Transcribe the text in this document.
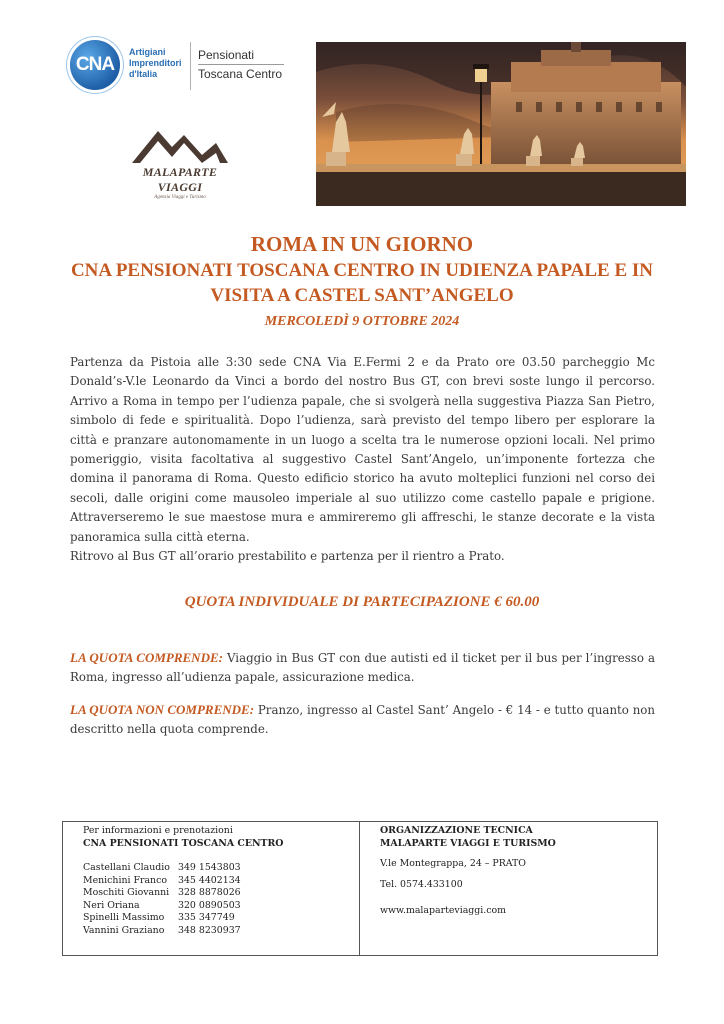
CNA
Artigiani
Imprenditori
d'Italia
Pensionati
Toscana Centro
MALAPARTE VIAGGI
Agenzia Viaggi e Turismo
ROMA IN UN GIORNO
CNA PENSIONATI TOSCANA CENTRO IN UDIENZA PAPALE E IN
VISITA A CASTEL SANT’ANGELO
MERCOLEDÌ 9 OTTOBRE 2024

Partenza da Pistoia alle 3:30 sede CNA Via E.Fermi 2 e da Prato ore 03.50 parcheggio Mc Donald’s-V.le Leonardo da Vinci a bordo del nostro Bus GT, con brevi soste lungo il percorso. Arrivo a Roma in tempo per l’udienza papale, che si svolgerà nella suggestiva Piazza San Pietro, simbolo di fede e spiritualità. Dopo l’udienza, sarà previsto del tempo libero per esplorare la città e pranzare autonomamente in un luogo a scelta tra le numerose opzioni locali. Nel primo pomeriggio, visita facoltativa al suggestivo Castel Sant’Angelo, un’imponente fortezza che domina il panorama di Roma. Questo edificio storico ha avuto molteplici funzioni nel corso dei secoli, dalle origini come mausoleo imperiale al suo utilizzo come castello papale e prigione. Attraverseremo le sue maestose mura e ammireremo gli affreschi, le stanze decorate e la vista panoramica sulla città eterna.

Ritrovo al Bus GT all’orario prestabilito e partenza per il rientro a Prato.

QUOTA INDIVIDUALE DI PARTECIPAZIONE € 60.00
LA QUOTA COMPRENDE: Viaggio in Bus GT con due autisti ed il ticket per il bus per l’ingresso a Roma, ingresso all’udienza papale, assicurazione medica.
LA QUOTA NON COMPRENDE: Pranzo, ingresso al Castel Sant’ Angelo - € 14 - e tutto quanto non descritto nella quota comprende.
Per informazioni e prenotazioni
CNA PENSIONATI TOSCANA CENTRO
Castellani Claudio 349 1543803
Menichini Franco 345 4402134
Moschiti Giovanni 328 8878026
Neri Oriana	320 0890503
Spinelli Massimo 335 347749
Vannini Graziano 348 8230937
ORGANIZZAZIONE TECNICA
MALAPARTE VIAGGI E TURISMO
V.le Montegrappa, 24 – PRATO
Tel. 0574.433100
www.malaparteviaggi.com
